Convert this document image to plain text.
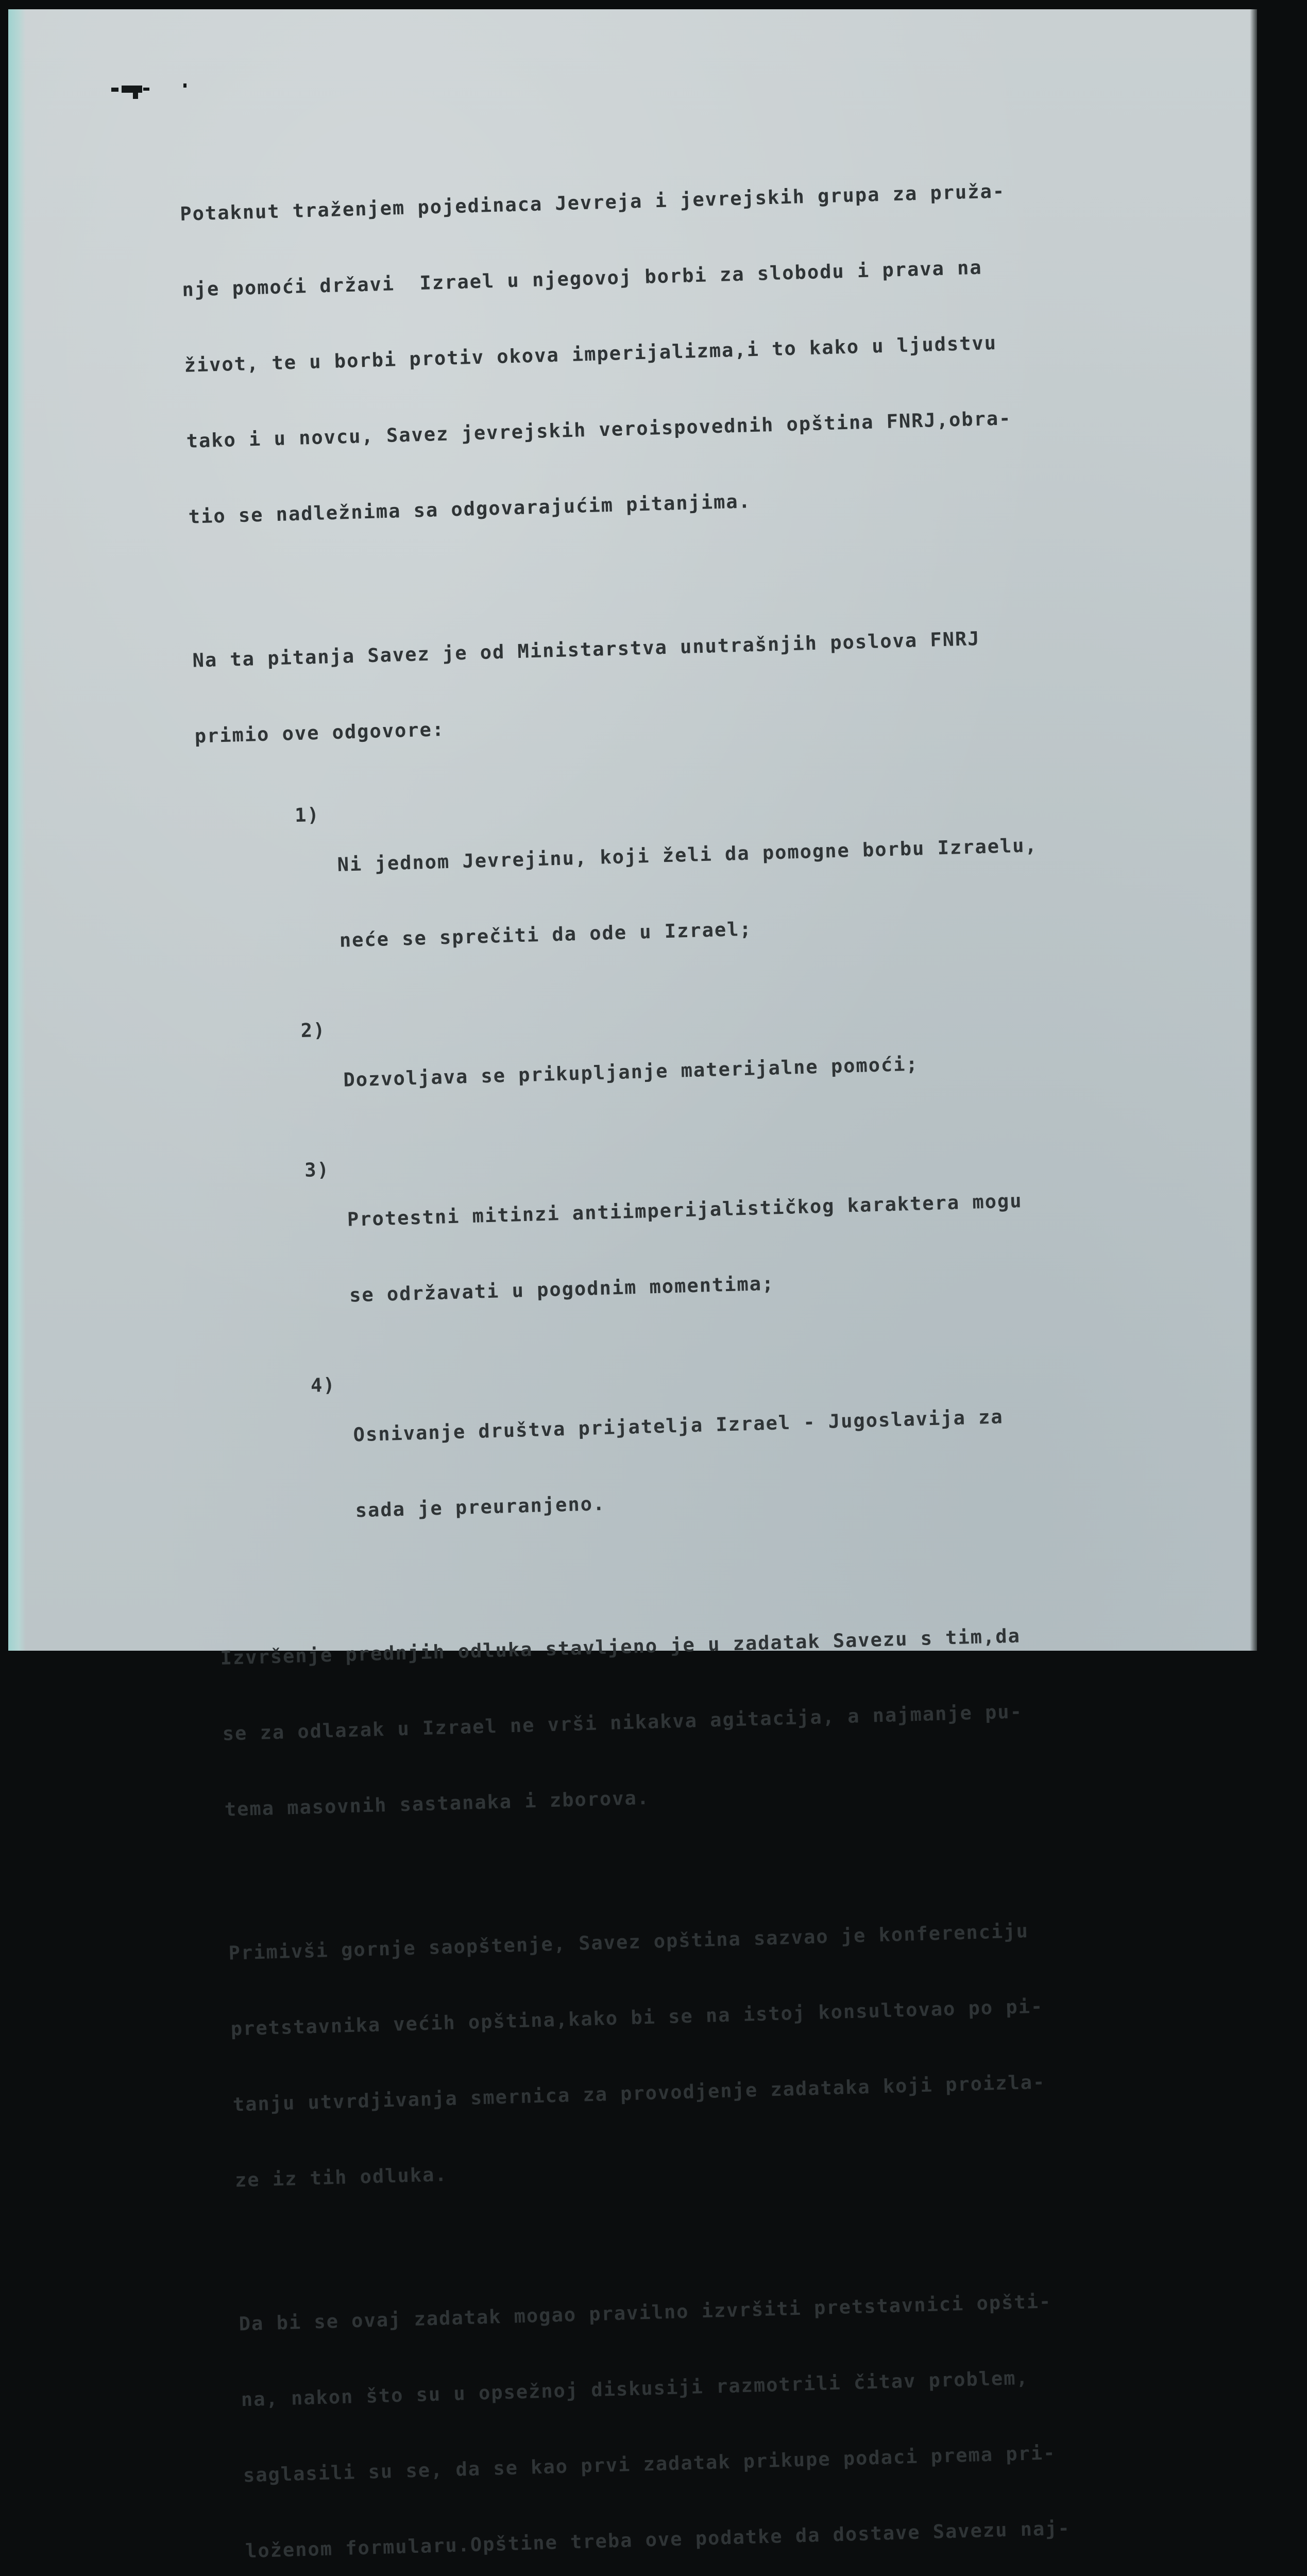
Potaknut traženjem pojedinaca Jevreja i jevrejskih grupa za pruža-

nje pomoći državi  Izrael u njegovoj borbi za slobodu i prava na

život, te u borbi protiv okova imperijalizma,i to kako u ljudstvu

tako i u novcu, Savez jevrejskih veroispovednih opština FNRJ,obra-

tio se nadležnima sa odgovarajućim pitanjima.

Na ta pitanja Savez je od Ministarstva unutrašnjih poslova FNRJ

primio ove odgovore:

1)

Ni jednom Jevrejinu, koji želi da pomogne borbu Izraelu,

neće se sprečiti da ode u Izrael;

2)

Dozvoljava se prikupljanje materijalne pomoći;

3)

Protestni mitinzi antiimperijalističkog karaktera mogu

se održavati u pogodnim momentima;

4)

Osnivanje društva prijatelja Izrael - Jugoslavija za

sada je preuranjeno.

Izvršenje prednjih odluka stavljeno je u zadatak Savezu s tim,da

se za odlazak u Izrael ne vrši nikakva agitacija, a najmanje pu-

tema masovnih sastanaka i zborova.

Primivši gornje saopštenje, Savez opština sazvao je konferenciju

pretstavnika većih opština,kako bi se na istoj konsultovao po pi-

tanju utvrdjivanja smernica za provodjenje zadataka koji proizla-

ze iz tih odluka.

Da bi se ovaj zadatak mogao pravilno izvršiti pretstavnici opšti-

na, nakon što su u opsežnoj diskusiji razmotrili čitav problem,

saglasili su se, da se kao prvi zadatak prikupe podaci prema pri-

loženom formularu.Opštine treba ove podatke da dostave Savezu naj-
